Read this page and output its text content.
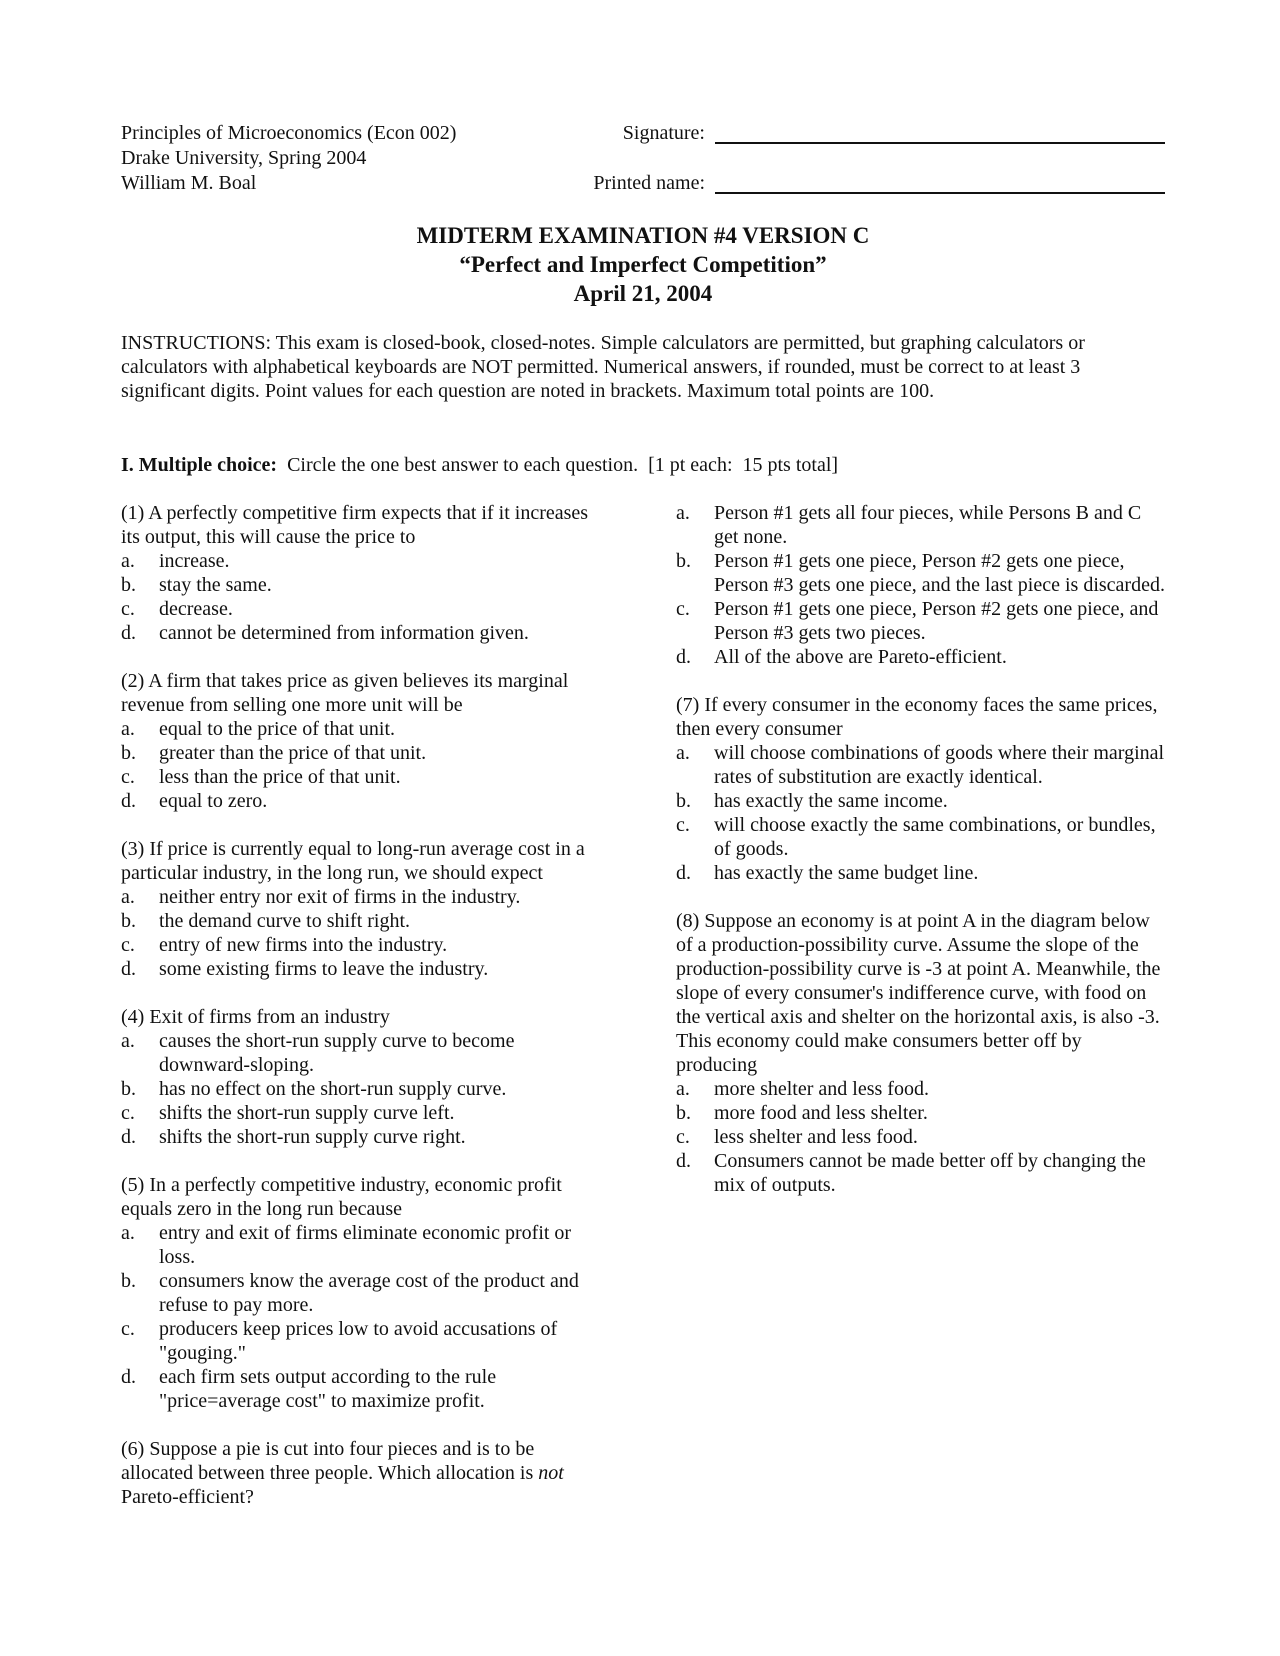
Principles of Microeconomics (Econ 002)
Drake University, Spring 2004
William M. Boal
Signature:
Printed name:
MIDTERM EXAMINATION #4 VERSION C
“Perfect and Imperfect Competition”
April 21, 2004
INSTRUCTIONS: This exam is closed-book, closed-notes. Simple calculators are permitted, but graphing calculators or calculators with alphabetical keyboards are NOT permitted. Numerical answers, if rounded, must be correct to at least 3 significant digits. Point values for each question are noted in brackets. Maximum total points are 100.
I. Multiple choice:  Circle the one best answer to each question.  [1 pt each:  15 pts total]
(1) A perfectly competitive firm expects that if it increases its output, this will cause the price to
a.	increase.
b.	stay the same.
c.	decrease.
d.	cannot be determined from information given.
(2) A firm that takes price as given believes its marginal revenue from selling one more unit will be
a.	equal to the price of that unit.
b.	greater than the price of that unit.
c.	less than the price of that unit.
d.	equal to zero.
(3) If price is currently equal to long-run average cost in a particular industry, in the long run, we should expect
a.	neither entry nor exit of firms in the industry.
b.	the demand curve to shift right.
c.	entry of new firms into the industry.
d.	some existing firms to leave the industry.
(4) Exit of firms from an industry
a.	causes the short-run supply curve to become downward-sloping.
b.	has no effect on the short-run supply curve.
c.	shifts the short-run supply curve left.
d.	shifts the short-run supply curve right.
(5) In a perfectly competitive industry, economic profit equals zero in the long run because
a.	entry and exit of firms eliminate economic profit or loss.
b.	consumers know the average cost of the product and refuse to pay more.
c.	producers keep prices low to avoid accusations of "gouging."
d.	each firm sets output according to the rule "price=average cost" to maximize profit.
(6) Suppose a pie is cut into four pieces and is to be allocated between three people. Which allocation is not Pareto-efficient?
a.	Person #1 gets all four pieces, while Persons B and C get none.
b.	Person #1 gets one piece, Person #2 gets one piece, Person #3 gets one piece, and the last piece is discarded.
c.	Person #1 gets one piece, Person #2 gets one piece, and Person #3 gets two pieces.
d.	All of the above are Pareto-efficient.
(7) If every consumer in the economy faces the same prices, then every consumer
a.	will choose combinations of goods where their marginal rates of substitution are exactly identical.
b.	has exactly the same income.
c.	will choose exactly the same combinations, or bundles, of goods.
d.	has exactly the same budget line.
(8) Suppose an economy is at point A in the diagram below of a production-possibility curve. Assume the slope of the production-possibility curve is -3 at point A. Meanwhile, the slope of every consumer's indifference curve, with food on the vertical axis and shelter on the horizontal axis, is also -3. This economy could make consumers better off by producing
a.	more shelter and less food.
b.	more food and less shelter.
c.	less shelter and less food.
d.	Consumers cannot be made better off by changing the mix of outputs.
